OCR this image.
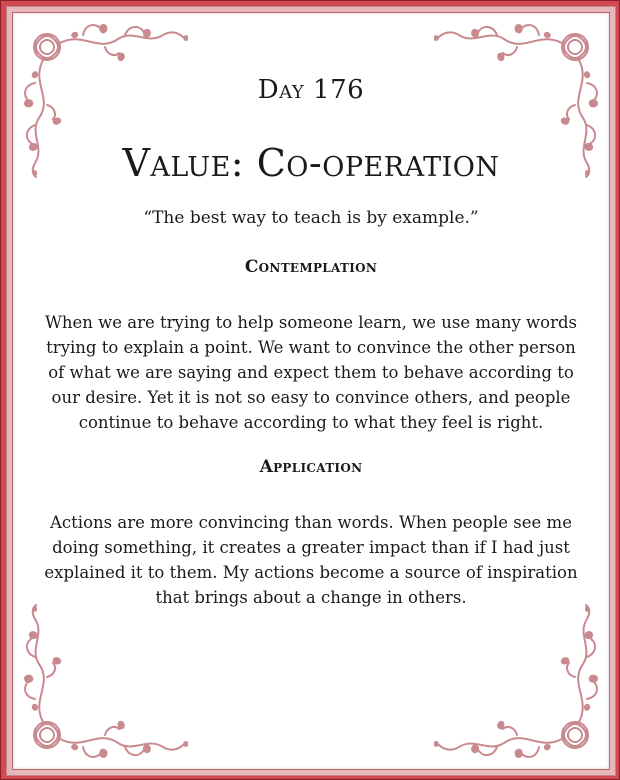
Day 176
Value: Co-operation
“The best way to teach is by example.”
Contemplation
When we are trying to help someone learn, we use many words trying to explain a point. We want to convince the other person of what we are saying and expect them to behave according to our desire. Yet it is not so easy to convince others, and people continue to behave according to what they feel is right.
Application
Actions are more convincing than words. When people see me doing something, it creates a greater impact than if I had just explained it to them. My actions become a source of inspiration that brings about a change in others.
